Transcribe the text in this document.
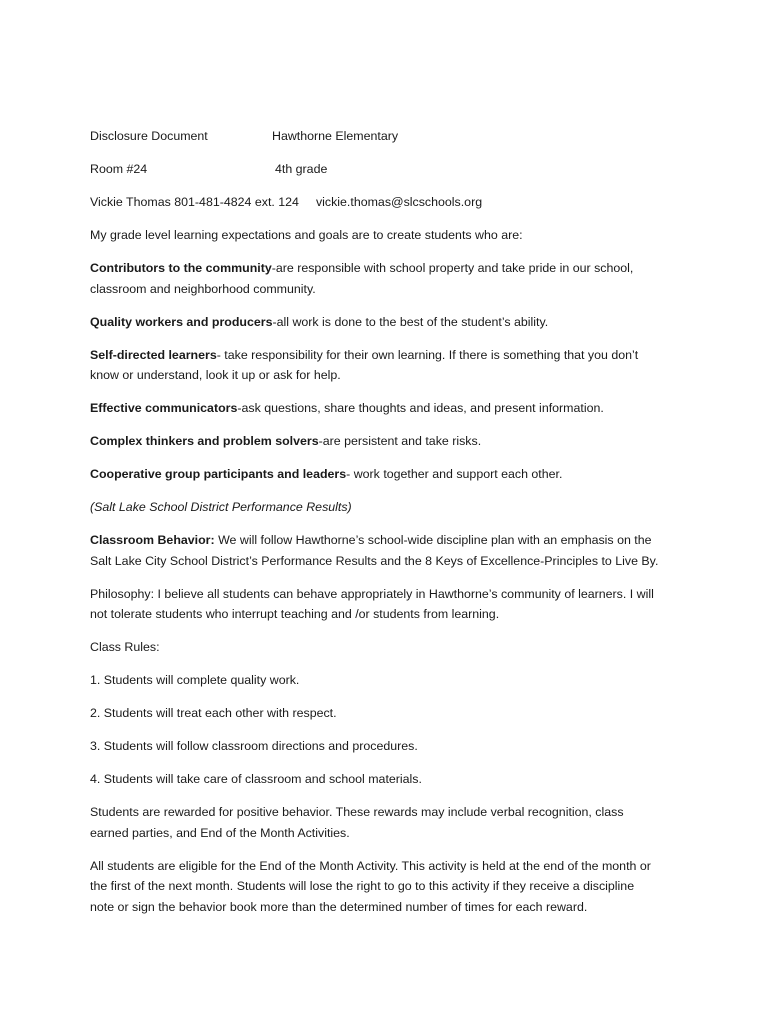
Disclosure Document	Hawthorne Elementary

Room #24	4th grade

Vickie Thomas 801-481-4824 ext. 124 vickie.thomas@slcschools.org

My grade level learning expectations and goals are to create students who are:

Contributors to the community-are responsible with school property and take pride in our school,
classroom and neighborhood community.

Quality workers and producers-all work is done to the best of the student’s ability.

Self-directed learners- take responsibility for their own learning. If there is something that you don’t
know or understand, look it up or ask for help.

Effective communicators-ask questions, share thoughts and ideas, and present information.

Complex thinkers and problem solvers-are persistent and take risks.

Cooperative group participants and leaders- work together and support each other.

(Salt Lake School District Performance Results)

Classroom Behavior: We will follow Hawthorne’s school-wide discipline plan with an emphasis on the
Salt Lake City School District’s Performance Results and the 8 Keys of Excellence-Principles to Live By.

Philosophy: I believe all students can behave appropriately in Hawthorne’s community of learners. I will
not tolerate students who interrupt teaching and /or students from learning.

Class Rules:

1. Students will complete quality work.

2. Students will treat each other with respect.

3. Students will follow classroom directions and procedures.

4. Students will take care of classroom and school materials.

Students are rewarded for positive behavior. These rewards may include verbal recognition, class
earned parties, and End of the Month Activities.

All students are eligible for the End of the Month Activity. This activity is held at the end of the month or
the first of the next month. Students will lose the right to go to this activity if they receive a discipline
note or sign the behavior book more than the determined number of times for each reward.
